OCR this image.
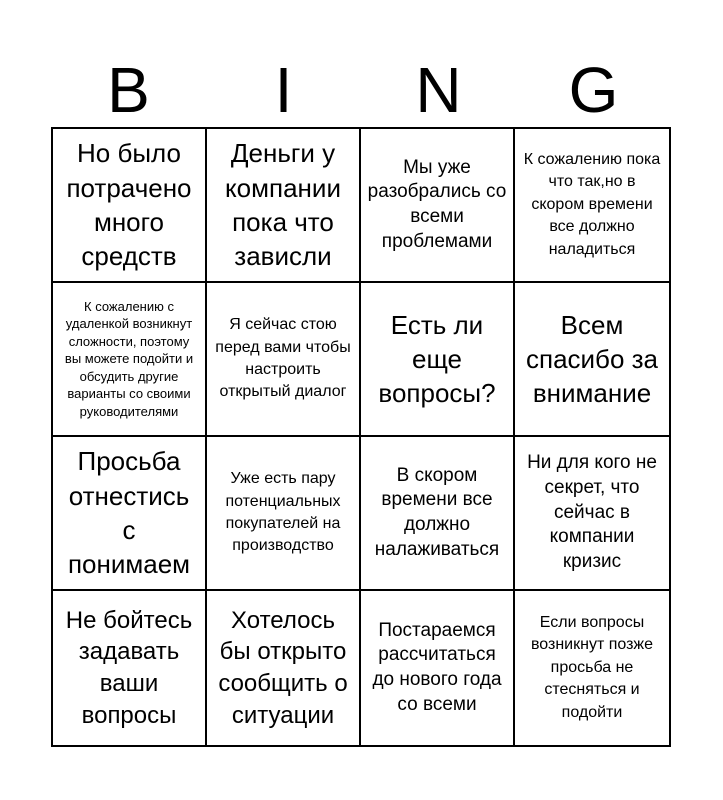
B	I	N	G
Но было потрачено много средств
Деньги у компании пока что зависли
Мы уже разобрались со всеми проблемами
К сожалению пока что так,но в скором времени все должно наладиться
К сожалению с удаленкой возникнут сложности, поэтому вы можете подойти и обсудить другие варианты со своими руководителями
Я сейчас стою перед вами чтобы настроить открытый диалог
Есть ли еще вопросы?
Всем спасибо за внимание
Просьба отнестись с понимаем
Уже есть пару потенциальных покупателей на производство
В скором времени все должно налаживаться
Ни для кого не секрет, что сейчас в компании кризис
Не бойтесь задавать ваши вопросы
Хотелось бы открыто сообщить о ситуации
Постараемся рассчитаться до нового года со всеми
Если вопросы возникнут позже просьба не стесняться и подойти
